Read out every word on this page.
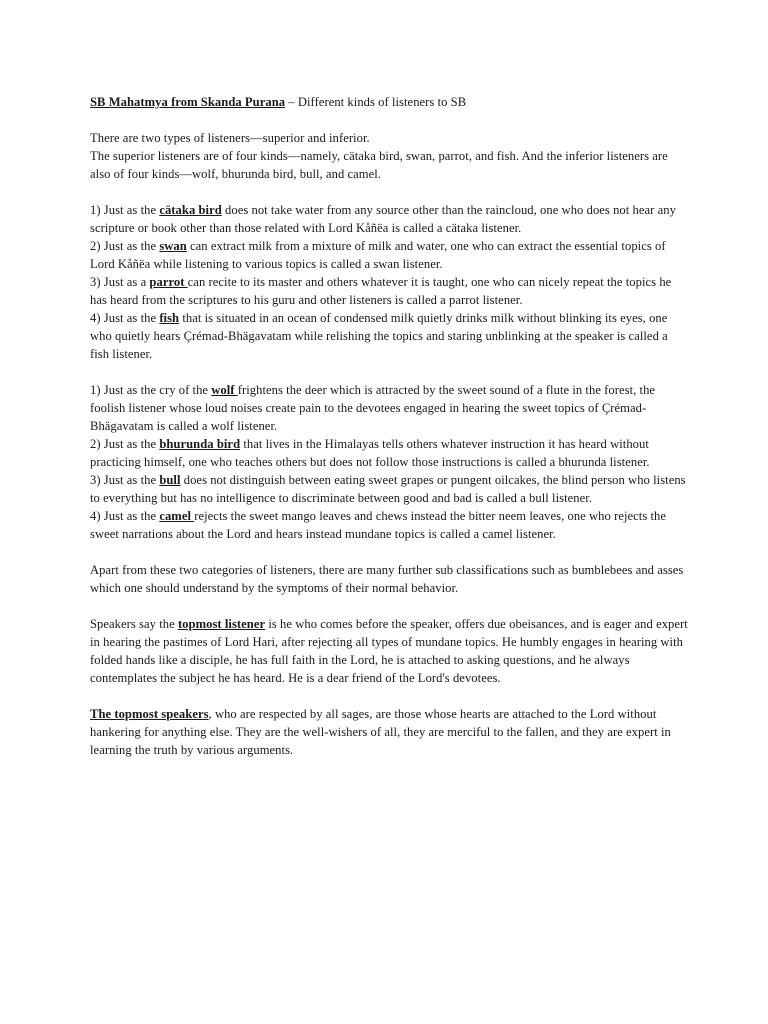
SB Mahatmya from Skanda Purana – Different kinds of listeners to SB

There are two types of listeners—superior and inferior.

The superior listeners are of four kinds—namely, cätaka bird, swan, parrot, and fish. And the inferior listeners are also of four kinds—wolf, bhurunda bird, bull, and camel.

1) Just as the cätaka bird does not take water from any source other than the raincloud, one who does not hear any scripture or book other than those related with Lord Kåñëa is called a cätaka listener.

2) Just as the swan can extract milk from a mixture of milk and water, one who can extract the essential topics of Lord Kåñëa while listening to various topics is called a swan listener.

3) Just as a parrot can recite to its master and others whatever it is taught, one who can nicely repeat the topics he has heard from the scriptures to his guru and other listeners is called a parrot listener.

4) Just as the fish that is situated in an ocean of condensed milk quietly drinks milk without blinking its eyes, one who quietly hears Çrémad-Bhägavatam while relishing the topics and staring unblinking at the speaker is called a fish listener.

1) Just as the cry of the wolf frightens the deer which is attracted by the sweet sound of a flute in the forest, the foolish listener whose loud noises create pain to the devotees engaged in hearing the sweet topics of Çrémad-Bhägavatam is called a wolf listener.

2) Just as the bhurunda bird that lives in the Himalayas tells others whatever instruction it has heard without practicing himself, one who teaches others but does not follow those instructions is called a bhurunda listener.

3) Just as the bull does not distinguish between eating sweet grapes or pungent oilcakes, the blind person who listens to everything but has no intelligence to discriminate between good and bad is called a bull listener.

4) Just as the camel rejects the sweet mango leaves and chews instead the bitter neem leaves, one who rejects the sweet narrations about the Lord and hears instead mundane topics is called a camel listener.

Apart from these two categories of listeners, there are many further sub classifications such as bumblebees and asses which one should understand by the symptoms of their normal behavior.

Speakers say the topmost listener is he who comes before the speaker, offers due obeisances, and is eager and expert in hearing the pastimes of Lord Hari, after rejecting all types of mundane topics. He humbly engages in hearing with folded hands like a disciple, he has full faith in the Lord, he is attached to asking questions, and he always contemplates the subject he has heard. He is a dear friend of the Lord's devotees.

The topmost speakers, who are respected by all sages, are those whose hearts are attached to the Lord without hankering for anything else. They are the well-wishers of all, they are merciful to the fallen, and they are expert in learning the truth by various arguments.
